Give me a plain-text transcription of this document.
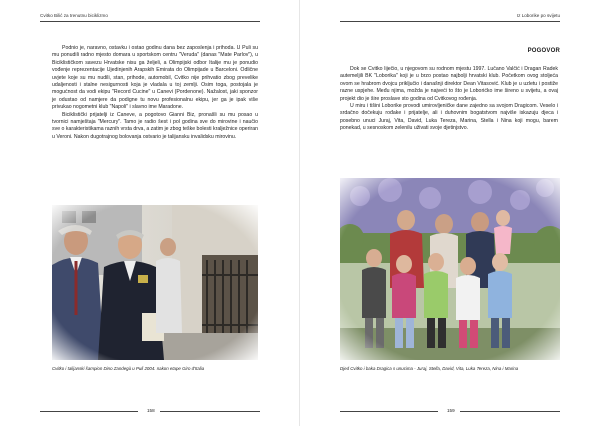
Cvitko Bilić za trenutnu biciklizmo

Podnio je, naravno, ostavku i ostao godinu dana bez zaposlenja i prihoda. U Puli su mu ponudili radno mjesto domara u sportskom centru "Veruda" (danas "Mate Parlov"), u Biciklističkom savezu Hrvatske nisu ga željeli, a Olimpijski odbor Italije mu je ponudio vođenje reprezentacije Ujedinjenih Arapskih Emirata do Olimpijade u Barceloni. Odlične uvjete koje su mu nudili, stan, prihode, automobil, Cvitko nije prihvatio zbog prevelike udaljenosti i stalne nesigurnosti koja je vladala u toj zemlji. Osim toga, postojala je mogućnost da vodi ekipu "Record Cucine" u Canevi (Pordenone). Nažalost, jaki sponzor je odustao od namjere da podigne tu novu profesionalnu ekipu, jer ga je ipak više privukao nogometni klub "Napoli" i slavno ime Maradone.

Biciklistički prijatelji iz Caneve, a pogotovo Gianni Biz, pronašli su mu posao u tvornici namještaja "Mercury". Tamo je radio šest i pol godina sve do mirovine i naučio sve o karakteristikama raznih vrsta drva, a zatim je zbog teške bolesti kralježnice operiran u Veroni. Nakon dugotrajnog bolovanja ostvario je talijansku invalidsku mirovinu.

Cvitko i talijanski šampion Dino Zandegù u Puli 2004. nakon etape Giro d'Italia
158
Iz Loborike po svijetu
POGOVOR

Dok se Cvitko liječio, u njegovom su rodnom mjestu 1997. Lučano Valčić i Dragan Radek autemeljili BK "Loborika" koji je u brzo postao najbolji hrvatski klub. Početkom ovog stoljeća ovom se hrabrom dvojcu priključio i današnji direktor Dean Vitasović. Klub je u uzletu i postiže razne uspjehe. Među njima, možda je najveći to što je Loborićko ime šireno u svijetu, a ovaj projekt dio je šire proslave sto godina od Cvitkovog rođenja.

U miru i tišini Loborike provodi umirovljeničke dane zajedno sa svojom Dragicom. Veselo i srdačno dočekuju rođake i prijatelje, ali i duhovnim bogatstvom najviše iskazuju djeca i posebno unuci Juraj, Vita, David, Luka Tereza, Marina, Stella i Nina koji mogu, barem ponekad, u sesnoskom zelenilu uživati svoje djetinjstvo.

Djed Cvitko i baka Dragica s unucima - Juraj, Stella, David, Vita, Luka Tereza, Nina i Marina
159
